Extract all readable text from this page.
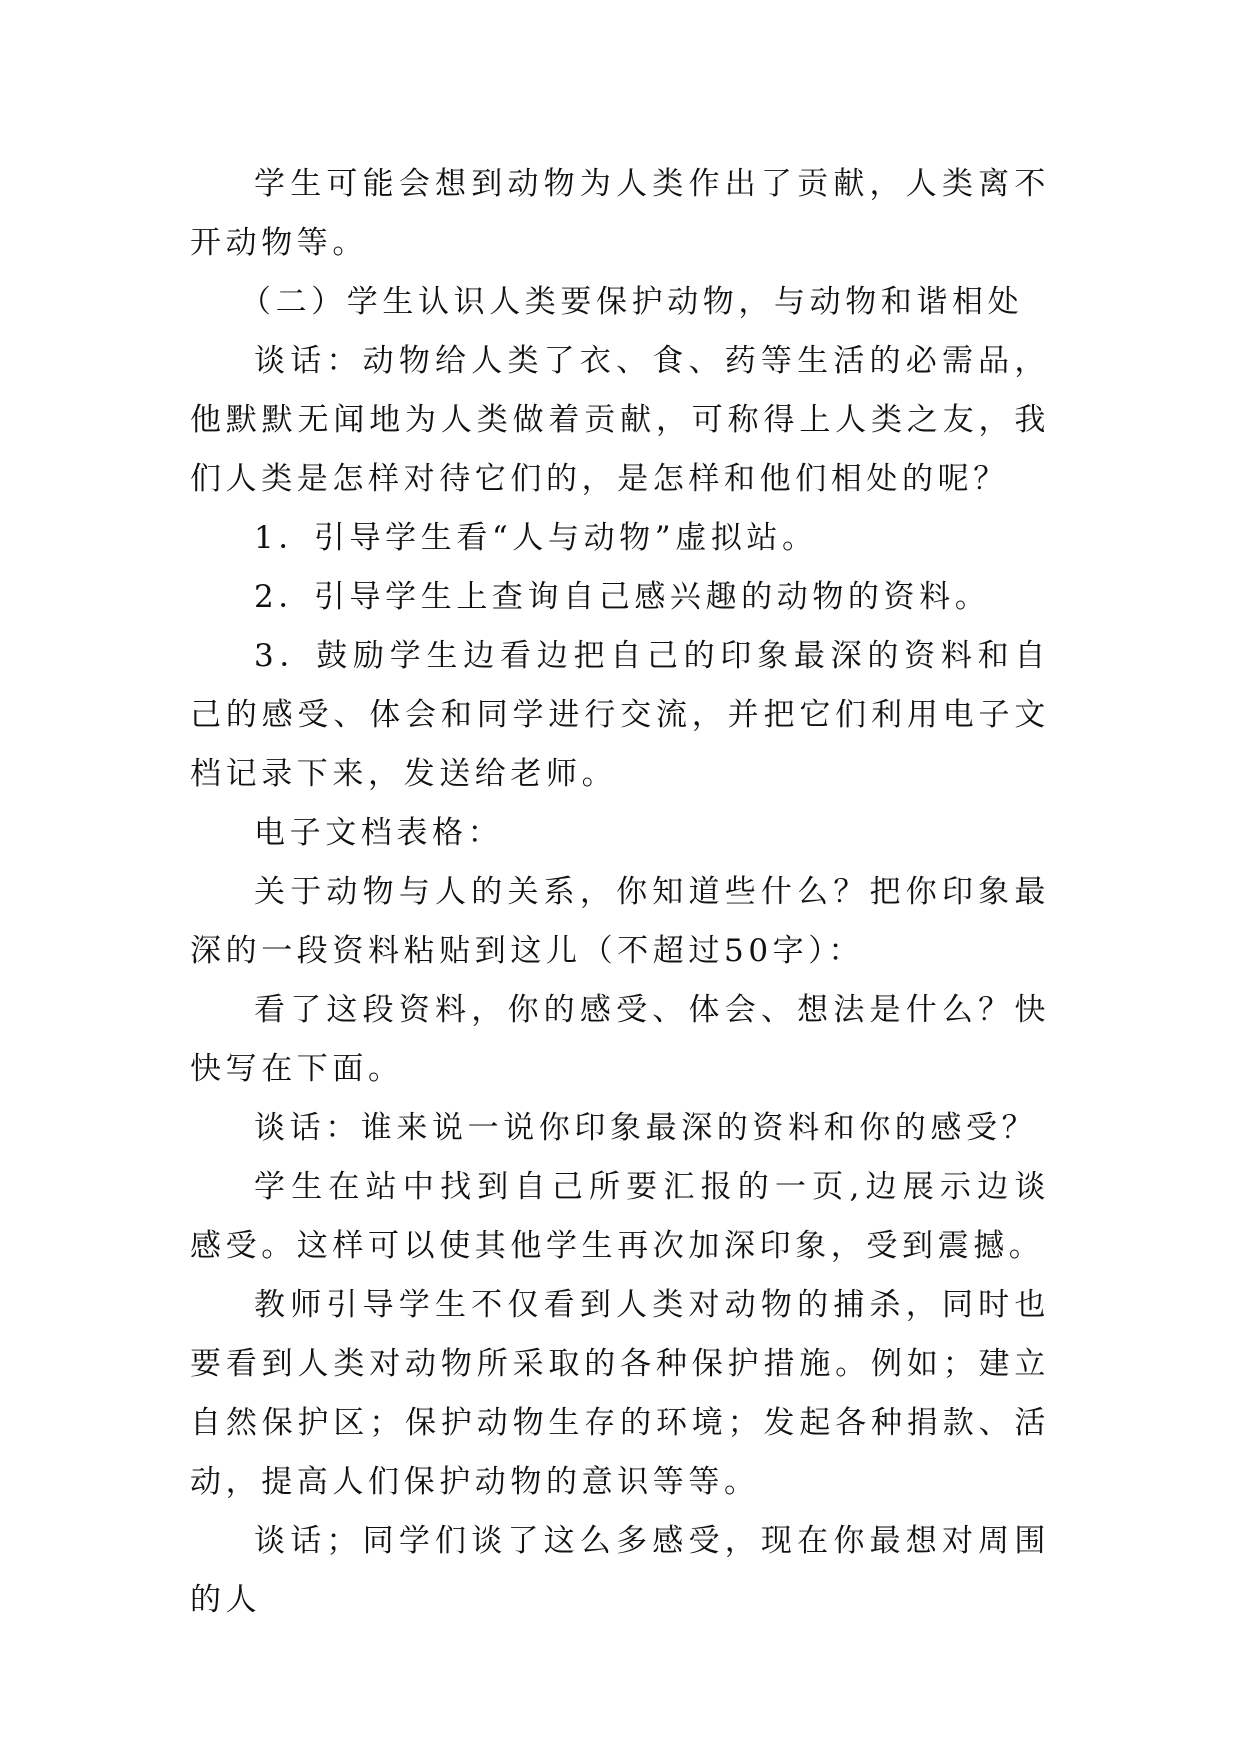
学生可能会想到动物为人类作出了贡献，人类离不开动物等。

（二）学生认识人类要保护动物，与动物和谐相处

谈话：动物给人类了衣、食、药等生活的必需品，他默默无闻地为人类做着贡献，可称得上人类之友，我们人类是怎样对待它们的，是怎样和他们相处的呢？

1．引导学生看“人与动物”虚拟站。

2．引导学生上查询自己感兴趣的动物的资料。

3．鼓励学生边看边把自己的印象最深的资料和自己的感受、体会和同学进行交流，并把它们利用电子文档记录下来，发送给老师。

电子文档表格：

关于动物与人的关系，你知道些什么？把你印象最深的一段资料粘贴到这儿（不超过50字）：

看了这段资料，你的感受、体会、想法是什么？快快写在下面。

谈话：谁来说一说你印象最深的资料和你的感受？

学生在站中找到自己所要汇报的一页,边展示边谈感受。这样可以使其他学生再次加深印象，受到震撼。

教师引导学生不仅看到人类对动物的捕杀，同时也要看到人类对动物所采取的各种保护措施。例如；建立自然保护区；保护动物生存的环境；发起各种捐款、活动，提高人们保护动物的意识等等。

谈话；同学们谈了这么多感受，现在你最想对周围的人
